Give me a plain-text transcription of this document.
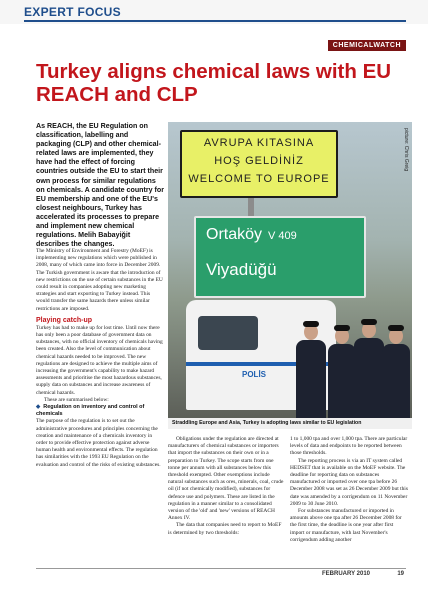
EXPERT FOCUS
CHEMICALWATCH
Turkey aligns chemical laws with EU REACH and CLP

As REACH, the EU Regulation on classification, labelling and packaging (CLP) and other chemical-related laws are implemented, they have had the effect of forcing countries outside the EU to start their own process for similar regulations on chemicals. A candidate country for EU membership and one of the EU's closest neighbours, Turkey has accelerated its processes to prepare and implement new chemical regulations. Melih Babayiğit describes the changes.

picture: Chris Greig
AVRUPA KITASINA
HOŞ GELDİNİZ
WELCOME TO EUROPE
Ortaköy V 409
Viyadüğü
POLİS
Straddling Europe and Asia, Turkey is adopting laws similar to EU legislation

The Ministry of Environment and Forestry (MoEF) is implementing new regulations which were published in 2008, many of which came into force in December 2009. The Turkish government is aware that the introduction of new restrictions on the use of certain substances in the EU could result in companies adopting new marketing strategies and start exporting to Turkey instead. This would transfer the same hazards there unless similar restrictions are imposed.

Playing catch-up

Turkey has had to make up for lost time. Until now there has only been a poor database of government data on substances, with no official inventory of chemicals having been created. Also the level of communication about chemical hazards needed to be improved. The new regulations are designed to achieve the multiple aims of increasing the government's capability to make hazard assessments and prioritise the most hazardous substances, supply data on substances and increase awareness of chemical hazards.

These are summarised below:

◆ Regulation on inventory and control of chemicals

The purpose of the regulation is to set out the administrative procedures and principles concerning the creation and maintenance of a chemicals inventory in order to provide effective protection against adverse human health and environmental effects. The regulation has similarities with the 1993 EU Regulation on the evaluation and control of the risks of existing substances.

Obligations under the regulation are directed at manufacturers of chemical substances or importers that import the substances on their own or in a preparation to Turkey. The scope starts from one tonne per annum with all substances below this threshold exempted. Other exemptions include natural substances such as ores, minerals, coal, crude oil (if not chemically modified), substances for defence use and polymers. These are listed in the regulation in a manner similar to a consolidated version of the 'old' and 'new' versions of REACH Annex IV.

The data that companies need to report to MoEF is determined by two thresholds:

1 to 1,000 tpa and over 1,000 tpa. There are particular levels of data and endpoints to be reported between those thresholds.

The reporting process is via an IT system called HEDSET that is available on the MoEF website. The deadline for reporting data on substances manufactured or imported over one tpa before 26 December 2008 was set as 26 December 2009 but this date was amended by a corrigendum on 11 November 2009 to 30 June 2010.

For substances manufactured or imported in amounts above one tpa after 26 December 2008 for the first time, the deadline is one year after first import or manufacture, with last November's corrigendum adding another

FEBRUARY 2010	19
